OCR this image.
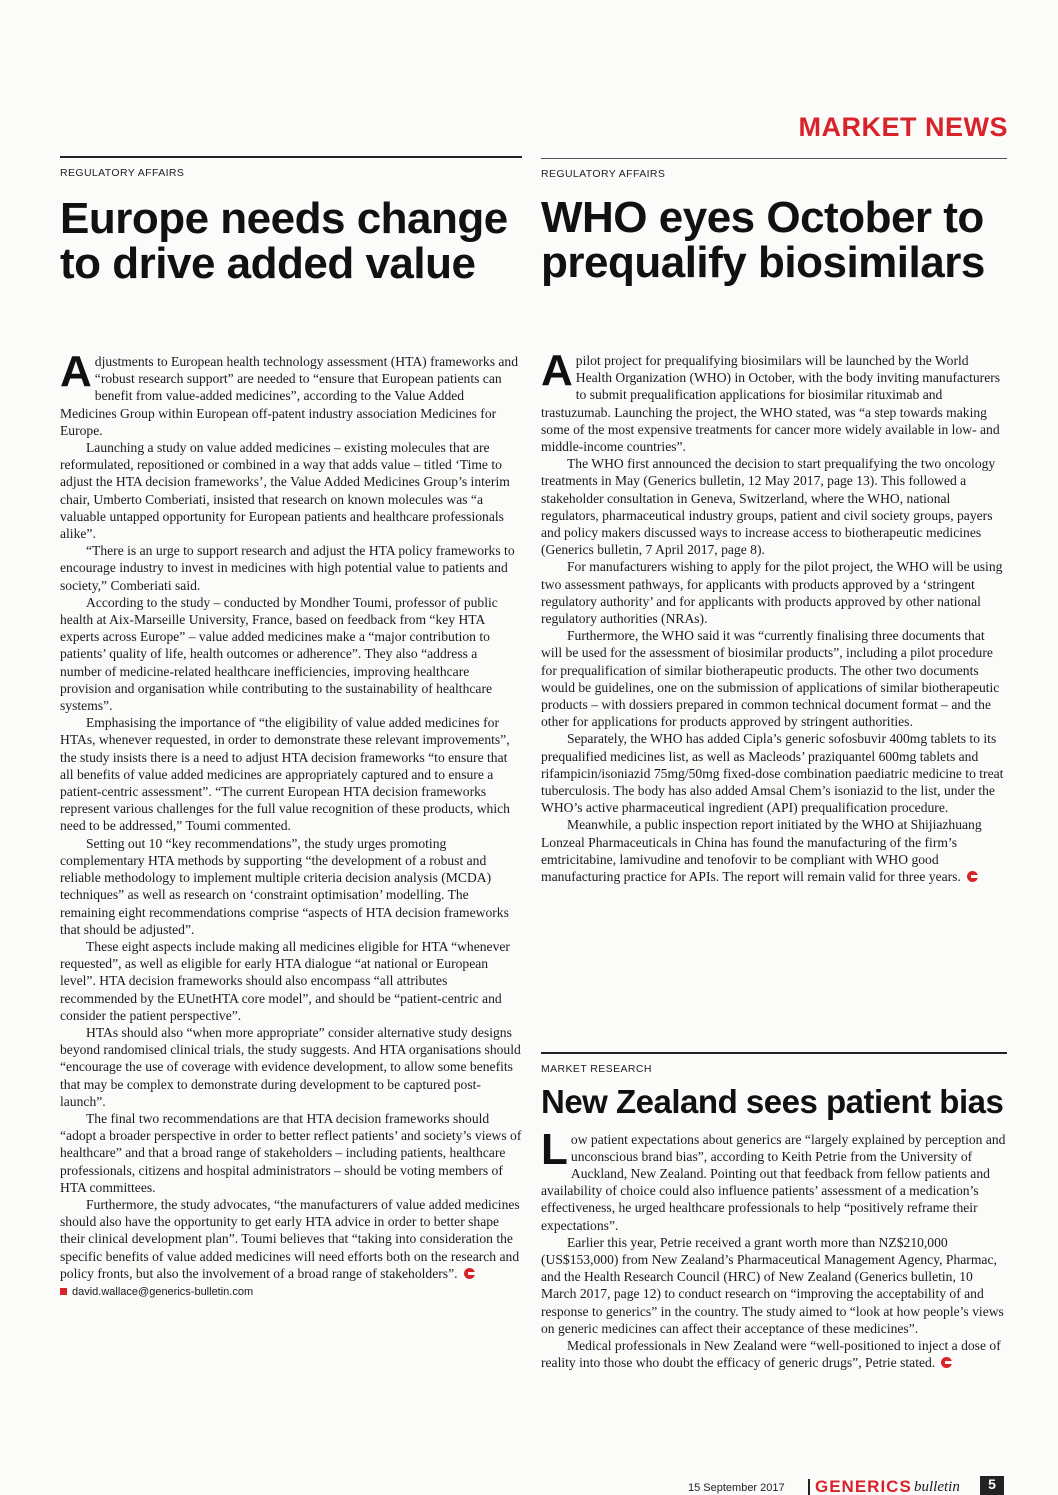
MARKET NEWS
REGULATORY AFFAIRS
Europe needs change to drive added value

Adjustments to European health technology assessment (HTA) frameworks and “robust research support” are needed to “ensure that European patients can benefit from value-added medicines”, according to the Value Added Medicines Group within European off-patent industry association Medicines for Europe.

Launching a study on value added medicines – existing molecules that are reformulated, repositioned or combined in a way that adds value – titled ‘Time to adjust the HTA decision frameworks’, the Value Added Medicines Group’s interim chair, Umberto Comberiati, insisted that research on known molecules was “a valuable untapped opportunity for European patients and healthcare professionals alike”.

“There is an urge to support research and adjust the HTA policy frameworks to encourage industry to invest in medicines with high potential value to patients and society,” Comberiati said.

According to the study – conducted by Mondher Toumi, professor of public health at Aix-Marseille University, France, based on feedback from “key HTA experts across Europe” – value added medicines make a “major contribution to patients’ quality of life, health outcomes or adherence”. They also “address a number of medicine-related healthcare inefficiencies, improving healthcare provision and organisation while contributing to the sustainability of healthcare systems”.

Emphasising the importance of “the eligibility of value added medicines for HTAs, whenever requested, in order to demonstrate these relevant improvements”, the study insists there is a need to adjust HTA decision frameworks “to ensure that all benefits of value added medicines are appropriately captured and to ensure a patient-centric assessment”. “The current European HTA decision frameworks represent various challenges for the full value recognition of these products, which need to be addressed,” Toumi commented.

Setting out 10 “key recommendations”, the study urges promoting complementary HTA methods by supporting “the development of a robust and reliable methodology to implement multiple criteria decision analysis (MCDA) techniques” as well as research on ‘constraint optimisation’ modelling. The remaining eight recommendations comprise “aspects of HTA decision frameworks that should be adjusted”.

These eight aspects include making all medicines eligible for HTA “whenever requested”, as well as eligible for early HTA dialogue “at national or European level”. HTA decision frameworks should also encompass “all attributes recommended by the EUnetHTA core model”, and should be “patient-centric and consider the patient perspective”.

HTAs should also “when more appropriate” consider alternative study designs beyond randomised clinical trials, the study suggests. And HTA organisations should “encourage the use of coverage with evidence development, to allow some benefits that may be complex to demonstrate during development to be captured post-launch”.

The final two recommendations are that HTA decision frameworks should “adopt a broader perspective in order to better reflect patients’ and society’s views of healthcare” and that a broad range of stakeholders – including patients, healthcare professionals, citizens and hospital administrators – should be voting members of HTA committees.

Furthermore, the study advocates, “the manufacturers of value added medicines should also have the opportunity to get early HTA advice in order to better shape their clinical development plan”. Toumi believes that “taking into consideration the specific benefits of value added medicines will need efforts both on the research and policy fronts, but also the involvement of a broad range of stakeholders”.

david.wallace@generics-bulletin.com
REGULATORY AFFAIRS
WHO eyes October to prequalify biosimilars

A pilot project for prequalifying biosimilars will be launched by the World Health Organization (WHO) in October, with the body inviting manufacturers to submit prequalification applications for biosimilar rituximab and trastuzumab. Launching the project, the WHO stated, was “a step towards making some of the most expensive treatments for cancer more widely available in low- and middle-income countries”.

The WHO first announced the decision to start prequalifying the two oncology treatments in May (Generics bulletin, 12 May 2017, page 13). This followed a stakeholder consultation in Geneva, Switzerland, where the WHO, national regulators, pharmaceutical industry groups, patient and civil society groups, payers and policy makers discussed ways to increase access to biotherapeutic medicines (Generics bulletin, 7 April 2017, page 8).

For manufacturers wishing to apply for the pilot project, the WHO will be using two assessment pathways, for applicants with products approved by a ‘stringent regulatory authority’ and for applicants with products approved by other national regulatory authorities (NRAs).

Furthermore, the WHO said it was “currently finalising three documents that will be used for the assessment of biosimilar products”, including a pilot procedure for prequalification of similar biotherapeutic products. The other two documents would be guidelines, one on the submission of applications of similar biotherapeutic products – with dossiers prepared in common technical document format – and the other for applications for products approved by stringent authorities.

Separately, the WHO has added Cipla’s generic sofosbuvir 400mg tablets to its prequalified medicines list, as well as Macleods’ praziquantel 600mg tablets and rifampicin/isoniazid 75mg/50mg fixed-dose combination paediatric medicine to treat tuberculosis. The body has also added Amsal Chem’s isoniazid to the list, under the WHO’s active pharmaceutical ingredient (API) prequalification procedure.

Meanwhile, a public inspection report initiated by the WHO at Shijiazhuang Lonzeal Pharmaceuticals in China has found the manufacturing of the firm’s emtricitabine, lamivudine and tenofovir to be compliant with WHO good manufacturing practice for APIs. The report will remain valid for three years.

MARKET RESEARCH
New Zealand sees patient bias

Low patient expectations about generics are “largely explained by perception and unconscious brand bias”, according to Keith Petrie from the University of Auckland, New Zealand. Pointing out that feedback from fellow patients and availability of choice could also influence patients’ assessment of a medication’s effectiveness, he urged healthcare professionals to help “positively reframe their expectations”.

Earlier this year, Petrie received a grant worth more than NZ$210,000 (US$153,000) from New Zealand’s Pharmaceutical Management Agency, Pharmac, and the Health Research Council (HRC) of New Zealand (Generics bulletin, 10 March 2017, page 12) to conduct research on “improving the acceptability of and response to generics” in the country. The study aimed to “look at how people’s views on generic medicines can affect their acceptance of these medicines”.

Medical professionals in New Zealand were “well-positioned to inject a dose of reality into those who doubt the efficacy of generic drugs”, Petrie stated.

15 September 2017 GENERICS bulletin	5
